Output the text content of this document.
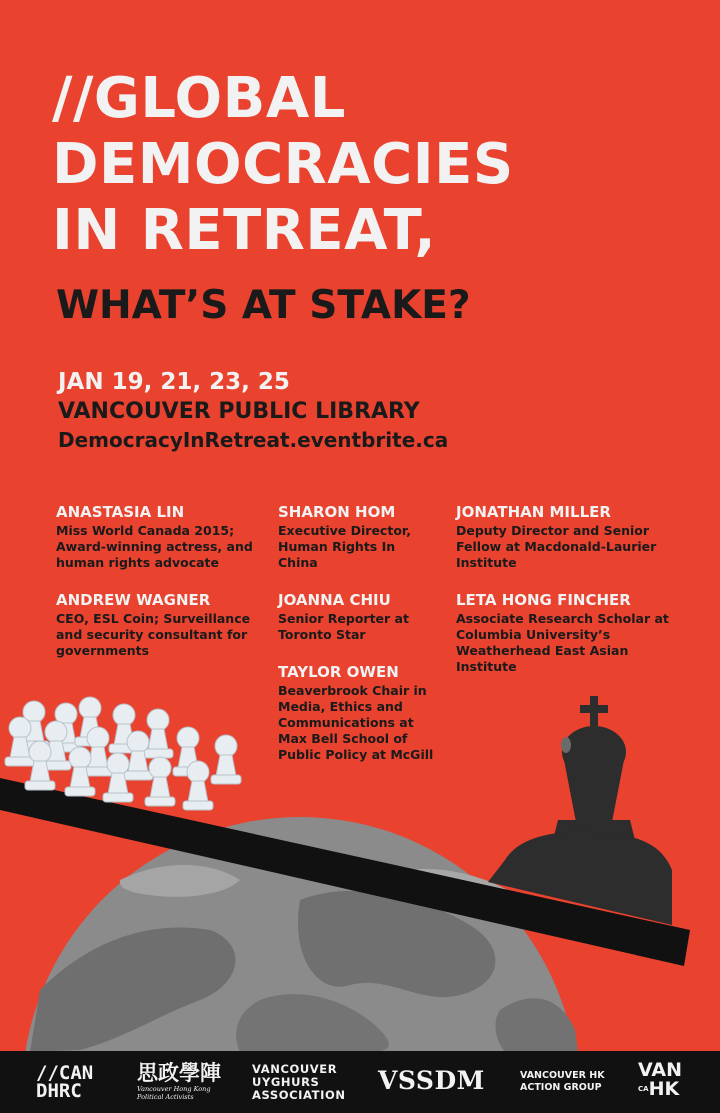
//GLOBAL
DEMOCRACIES
IN RETREAT,
WHAT’S AT STAKE?
JAN 19, 21, 23, 25
VANCOUVER PUBLIC LIBRARY
DemocracyInRetreat.eventbrite.ca
ANASTASIA LIN
Miss World Canada 2015; Award-winning actress, and human rights advocate
ANDREW WAGNER
CEO, ESL Coin; Surveillance and security consultant for governments
SHARON HOM
Executive Director, Human Rights In China
JOANNA CHIU
Senior Reporter at Toronto Star
TAYLOR OWEN
Beaverbrook Chair in Media, Ethics and Communications at Max Bell School of Public Policy at McGill
JONATHAN MILLER
Deputy Director and Senior Fellow at Macdonald-Laurier Institute
LETA HONG FINCHER
Associate Research Scholar at Columbia University’s Weatherhead East Asian Institute
//CAN
DHRC
思政學陣
Vancouver Hong Kong
Political Activists
VANCOUVER
UYGHURS
ASSOCIATION VSSDM	VANCOUVER HK
ACTION GROUP
VAN
CAHK
